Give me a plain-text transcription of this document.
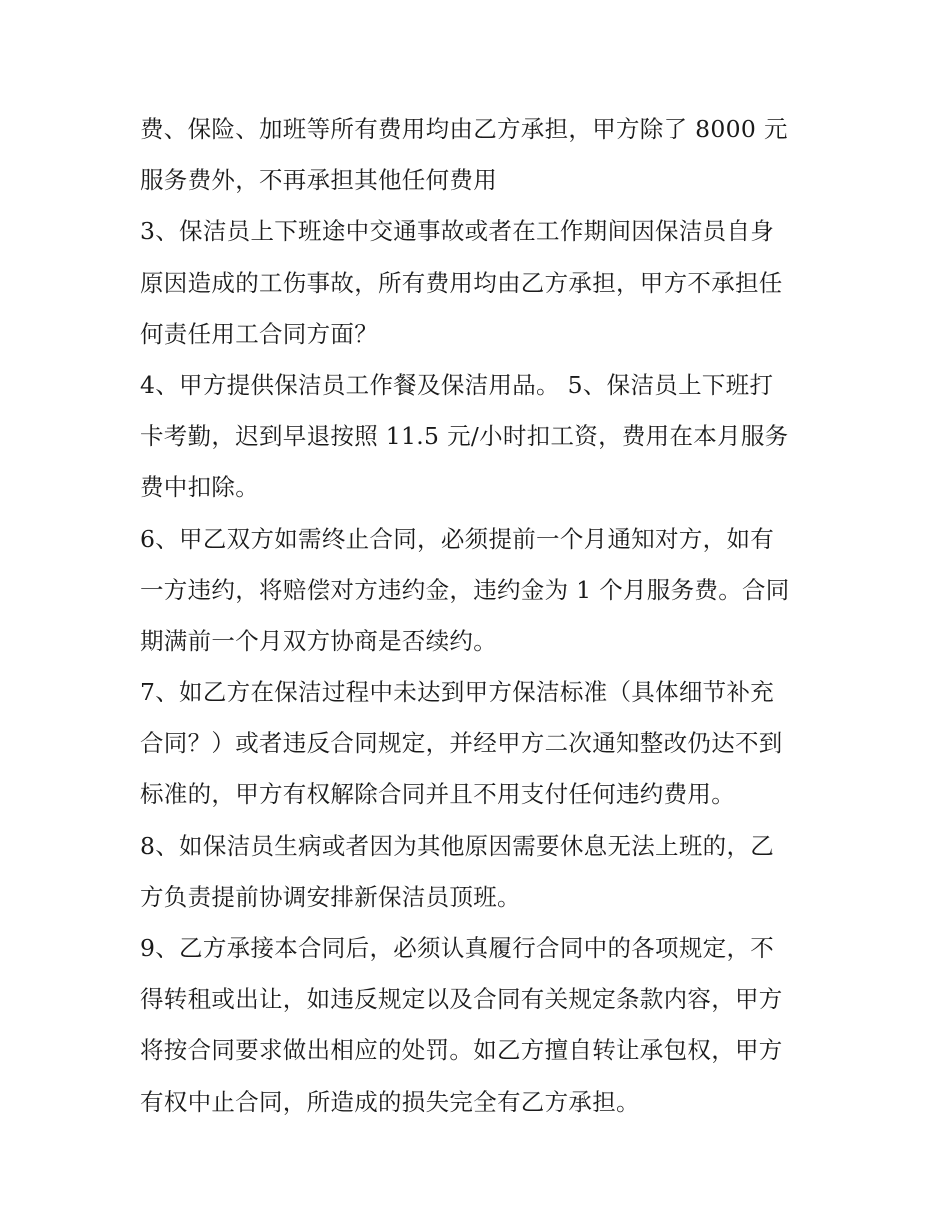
费、保险、加班等所有费用均由乙方承担，甲方除了 8000 元
服务费外，不再承担其他任何费用
3、保洁员上下班途中交通事故或者在工作期间因保洁员自身
原因造成的工伤事故，所有费用均由乙方承担，甲方不承担任
何责任用工合同方面？
4、甲方提供保洁员工作餐及保洁用品。 5、保洁员上下班打
卡考勤，迟到早退按照 11.5 元/小时扣工资，费用在本月服务
费中扣除。
6、甲乙双方如需终止合同，必须提前一个月通知对方，如有
一方违约，将赔偿对方违约金，违约金为 1 个月服务费。合同
期满前一个月双方协商是否续约。
7、如乙方在保洁过程中未达到甲方保洁标准（具体细节补充
合同？）或者违反合同规定，并经甲方二次通知整改仍达不到
标准的，甲方有权解除合同并且不用支付任何违约费用。
8、如保洁员生病或者因为其他原因需要休息无法上班的，乙
方负责提前协调安排新保洁员顶班。
9、乙方承接本合同后，必须认真履行合同中的各项规定，不
得转租或出让，如违反规定以及合同有关规定条款内容，甲方
将按合同要求做出相应的处罚。如乙方擅自转让承包权，甲方
有权中止合同，所造成的损失完全有乙方承担。
